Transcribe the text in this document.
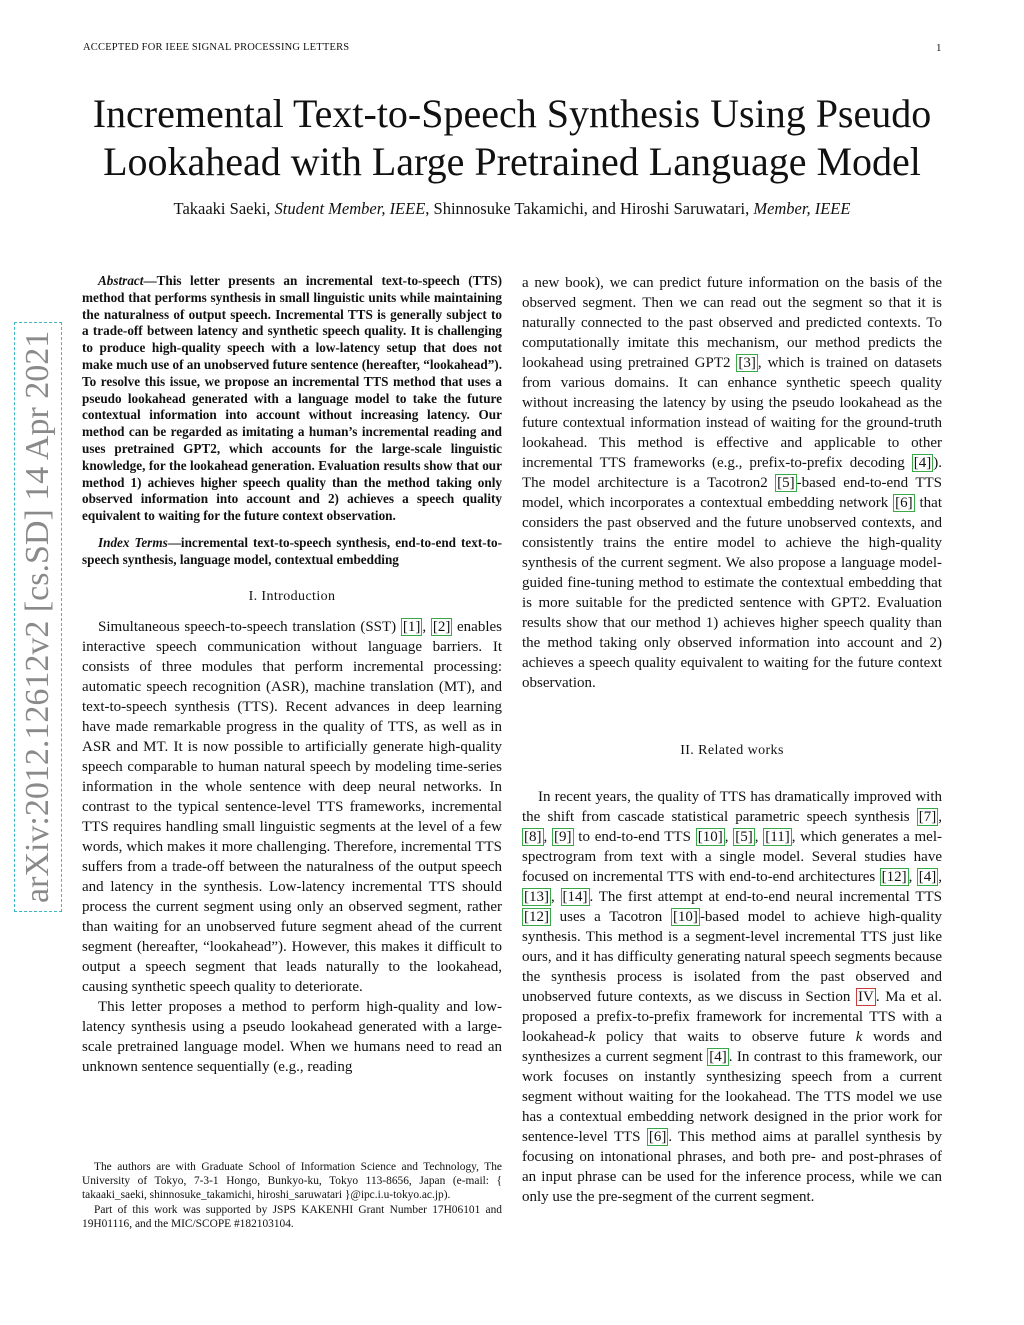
ACCEPTED FOR IEEE SIGNAL PROCESSING LETTERS	1
Incremental Text-to-Speech Synthesis Using Pseudo
Lookahead with Large Pretrained Language Model
Takaaki Saeki, Student Member, IEEE, Shinnosuke Takamichi, and Hiroshi Saruwatari, Member, IEEE
arXiv:2012.12612v2 [cs.SD] 14 Apr 2021

Abstract—This letter presents an incremental text-to-speech (TTS) method that performs synthesis in small linguistic units while maintaining the naturalness of output speech. Incremental TTS is generally subject to a trade-off between latency and synthetic speech quality. It is challenging to produce high-quality speech with a low-latency setup that does not make much use of an unobserved future sentence (hereafter, “lookahead”). To resolve this issue, we propose an incremental TTS method that uses a pseudo lookahead generated with a language model to take the future contextual information into account without increasing latency. Our method can be regarded as imitating a human’s incremental reading and uses pretrained GPT2, which accounts for the large-scale linguistic knowledge, for the lookahead generation. Evaluation results show that our method 1) achieves higher speech quality than the method taking only observed information into account and 2) achieves a speech quality equivalent to waiting for the future context observation.

Index Terms—incremental text-to-speech synthesis, end-to-end text-to-speech synthesis, language model, contextual embedding

I. Introduction

Simultaneous speech-to-speech translation (SST) [1] , [2] enables interactive speech communication without language barriers. It consists of three modules that perform incremental processing: automatic speech recognition (ASR), machine translation (MT), and text-to-speech synthesis (TTS). Recent advances in deep learning have made remarkable progress in the quality of TTS, as well as in ASR and MT. It is now possible to artificially generate high-quality speech comparable to human natural speech by modeling time-series information in the whole sentence with deep neural networks. In contrast to the typical sentence-level TTS frameworks, incremental TTS requires handling small linguistic segments at the level of a few words, which makes it more challenging. Therefore, incremental TTS suffers from a trade-off between the naturalness of the output speech and latency in the synthesis. Low-latency incremental TTS should process the current segment using only an observed segment, rather than waiting for an unobserved future segment ahead of the current segment (hereafter, “lookahead”). However, this makes it difficult to output a speech segment that leads naturally to the lookahead, causing synthetic speech quality to deteriorate.

This letter proposes a method to perform high-quality and low-latency synthesis using a pseudo lookahead generated with a large-scale pretrained language model. When we humans need to read an unknown sentence sequentially (e.g., reading

The authors are with Graduate School of Information Science and Technology, The University of Tokyo, 7-3-1 Hongo, Bunkyo-ku, Tokyo 113-8656, Japan (e-mail: { takaaki_saeki, shinnosuke_takamichi, hiroshi_saruwatari }@ipc.i.u-tokyo.ac.jp).

Part of this work was supported by JSPS KAKENHI Grant Number 17H06101 and 19H01116, and the MIC/SCOPE #182103104.

a new book), we can predict future information on the basis of the observed segment. Then we can read out the segment so that it is naturally connected to the past observed and predicted contexts. To computationally imitate this mechanism, our method predicts the lookahead using pretrained GPT2 [3] , which is trained on datasets from various domains. It can enhance synthetic speech quality without increasing the latency by using the pseudo lookahead as the future contextual information instead of waiting for the ground-truth lookahead. This method is effective and applicable to other incremental TTS frameworks (e.g., prefix-to-prefix decoding [4] ). The model architecture is a Tacotron2 [5] -based end-to-end TTS model, which incorporates a contextual embedding network [6] that considers the past observed and the future unobserved contexts, and consistently trains the entire model to achieve the high-quality synthesis of the current segment. We also propose a language model-guided fine-tuning method to estimate the contextual embedding that is more suitable for the predicted sentence with GPT2. Evaluation results show that our method 1) achieves higher speech quality than the method taking only observed information into account and 2) achieves a speech quality equivalent to waiting for the future context observation.

II. Related works

In recent years, the quality of TTS has dramatically improved with the shift from cascade statistical parametric speech synthesis [7] , [8] , [9] to end-to-end TTS [10] , [5] , [11] , which generates a mel-spectrogram from text with a single model. Several studies have focused on incremental TTS with end-to-end architectures [12] , [4] , [13] , [14] . The first attempt at end-to-end neural incremental TTS [12] uses a Tacotron [10] -based model to achieve high-quality synthesis. This method is a segment-level incremental TTS just like ours, and it has difficulty generating natural speech segments because the synthesis process is isolated from the past observed and unobserved future contexts, as we discuss in Section IV . Ma et al. proposed a prefix-to-prefix framework for incremental TTS with a lookahead-k policy that waits to observe future k words and synthesizes a current segment [4] . In contrast to this framework, our work focuses on instantly synthesizing speech from a current segment without waiting for the lookahead. The TTS model we use has a contextual embedding network designed in the prior work for sentence-level TTS [6] . This method aims at parallel synthesis by focusing on intonational phrases, and both pre- and post-phrases of an input phrase can be used for the inference process, while we can only use the pre-segment of the current segment.
